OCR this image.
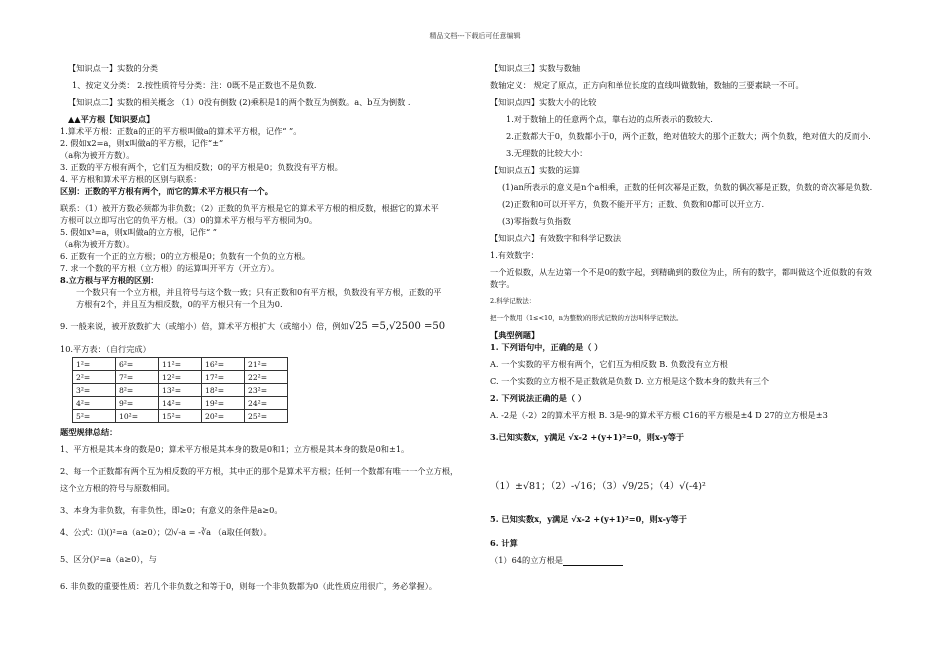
精品文档---下载后可任意编辑
【知识点一】实数的分类
1、按定义分类： 2.按性质符号分类：注：0既不是正数也不是负数.
【知识点二】实数的相关概念 （1）0没有倒数 (2)乘积是1的两个数互为倒数。a、b互为倒数 .
▲▲平方根【知识要点】
1.算术平方根：正数a的正的平方根叫做a的算术平方根，记作“ ”。
2. 假如x2=a，则x叫做a的平方根，记作“±”
（a称为被开方数）。
3. 正数的平方根有两个，它们互为相反数；0的平方根是0；负数没有平方根。
4. 平方根和算术平方根的区别与联系：
区别：正数的平方根有两个，而它的算术平方根只有一个。
联系：（1）被开方数必须都为非负数；（2）正数的负平方根是它的算术平方根的相反数，根据它的算术平
方根可以立即写出它的负平方根。（3）0的算术平方根与平方根同为0。
5. 假如x³=a，则x叫做a的立方根，记作“ ”
（a称为被开方数）。
6. 正数有一个正的立方根；0的立方根是0；负数有一个负的立方根。
7. 求一个数的平方根（立方根）的运算叫开平方（开立方）。
8.立方根与平方根的区别：
一个数只有一个立方根，并且符号与这个数一致；只有正数和0有平方根，负数没有平方根，正数的平
方根有2个，并且互为相反数，0的平方根只有一个且为0.
9. 一般来说，被开放数扩大（或缩小）倍，算术平方根扩大（或缩小）倍，例如√25 =5,√2500 =50
10.平方表：（自行完成）
1²=	6²=	11²=	16²=	21²=
2²=	7²=	12²=	17²=	22²=
3²=	8²=	13²=	18²=	23²=
4²=	9²=	14²=	19²=	24²=
5²=	10²=	15²=	20²=	25²=
题型规律总结：
1、平方根是其本身的数是0；算术平方根是其本身的数是0和1；立方根是其本身的数是0和±1。
2、每一个正数都有两个互为相反数的平方根，其中正的那个是算术平方根；任何一个数都有唯一一个立方根，
这个立方根的符号与原数相同。
3、本身为非负数，有非负性，即≥0；有意义的条件是a≥0。
4、公式：⑴()²=a（a≥0）；⑵√-a = -∛a （a取任何数）。
5、区分()²=a（a≥0），与
6. 非负数的重要性质：若几个非负数之和等于0，则每一个非负数都为0（此性质应用很广，务必掌握）。
【知识点三】实数与数轴
数轴定义： 规定了原点，正方向和单位长度的直线叫做数轴，数轴的三要素缺一不可。
【知识点四】实数大小的比较
1.对于数轴上的任意两个点，靠右边的点所表示的数较大.
2.正数都大于0，负数都小于0，两个正数，绝对值较大的那个正数大；两个负数，绝对值大的反而小.
3.无理数的比较大小：
【知识点五】实数的运算
(1)an所表示的意义是n个a相乘，正数的任何次幂是正数，负数的偶次幂是正数，负数的奇次幂是负数.
(2)正数和0可以开平方，负数不能开平方；正数、负数和0都可以开立方.
(3)零指数与负指数
【知识点六】有效数字和科学记数法
1.有效数字：
一个近似数，从左边第一个不是0的数字起，到精确到的数位为止，所有的数字，都叫做这个近似数的有效
数字。
2.科学记数法：
把一个数用（1≤<10，n为整数)的形式记数的方法叫科学记数法。
【典型例题】
1. 下列语句中，正确的是（ ）
A. 一个实数的平方根有两个，它们互为相反数 B. 负数没有立方根
C. 一个实数的立方根不是正数就是负数 D. 立方根是这个数本身的数共有三个
2. 下列说法正确的是（ ）
A. -2是（-2）2的算术平方根 B. 3是-9的算术平方根 C16的平方根是±4 D 27的立方根是±3
3.已知实数x，y满足 √x-2 +(y+1)²=0，则x-y等于
（1）±√81；（2）-√16；（3）√9/25；（4）√(-4)²
5. 已知实数x，y满足 √x-2 +(y+1)²=0，则x-y等于
6. 计算
（1）64的立方根是
